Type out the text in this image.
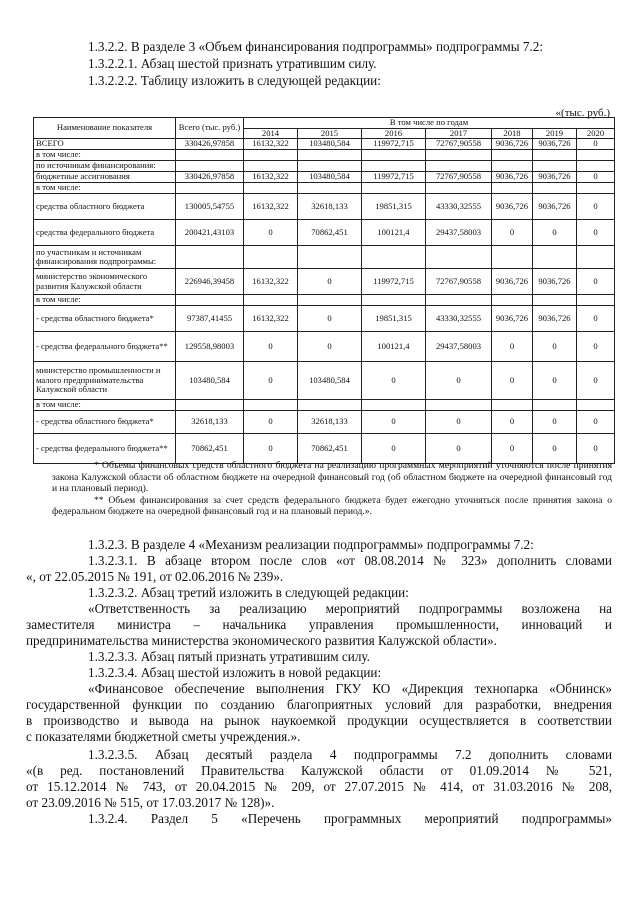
1.3.2.2. В разделе 3 «Объем финансирования подпрограммы» подпрограммы 7.2:
1.3.2.2.1. Абзац шестой признать утратившим силу.
1.3.2.2.2. Таблицу изложить в следующей редакции:
«(тыс. руб.)
Наименование показателя	Всего (тыс. руб.)	В том числе по годам						
		2014	2015	2016	2017	2018	2019	2020
ВСЕГО	330426,97858	16132,322	103480,584	119972,715	72767,90558	9036,726	9036,726	0
в том числе:								
по источникам финансирования:								
бюджетные ассигнования	330426,97858	16132,322	103480,584	119972,715	72767,90558	9036,726	9036,726	0
в том числе:								
средства областного бюджета	130005,54755	16132,322	32618,133	19851,315	43330,32555	9036,726	9036,726	0
средства федерального бюджета	200421,43103	0	70862,451	100121,4	29437,58003	0	0	0
по участникам и источникам финансирования подпрограммы:								
министерство экономического развития Калужской области	226946,39458	16132,322	0	119972,715	72767,90558	9036,726	9036,726	0
в том числе:								
- средства областного бюджета*	97387,41455	16132,322	0	19851,315	43330,32555	9036,726	9036,726	0
- средства федерального бюджета**	129558,98003	0	0	100121,4	29437,58003	0	0	0
министерство промышленности и малого предпринимательства Калужской области	103480,584	0	103480,584	0	0	0	0	0
в том числе:								
- средства областного бюджета*	32618,133	0	32618,133	0	0	0	0	0
- средства федерального бюджета**	70862,451	0	70862,451	0	0	0	0	0

* Объемы финансовых средств областного бюджета на реализацию программных мероприятий уточняются после принятия закона Калужской области об областном бюджете на очередной финансовый год (об областном бюджете на очередной финансовый год и на плановый период).

** Объем финансирования за счет средств федерального бюджета будет ежегодно уточняться после принятия закона о федеральном бюджете на очередной финансовый год и на плановый период.».

1.3.2.3. В разделе 4 «Механизм реализации подпрограммы» подпрограммы 7.2:
1.3.2.3.1. В абзаце втором после слов «от 08.08.2014 № 323» дополнить словами
«, от 22.05.2015 № 191, от 02.06.2016 № 239».
1.3.2.3.2. Абзац третий изложить в следующей редакции:
«Ответственность за реализацию мероприятий подпрограммы возложена на
заместителя министра – начальника управления промышленности, инноваций и
предпринимательства министерства экономического развития Калужской области».
1.3.2.3.3. Абзац пятый признать утратившим силу.
1.3.2.3.4. Абзац шестой изложить в новой редакции:
«Финансовое обеспечение выполнения ГКУ КО «Дирекция технопарка «Обнинск»
государственной функции по созданию благоприятных условий для разработки, внедрения
в производство и вывода на рынок наукоемкой продукции осуществляется в соответствии
с показателями бюджетной сметы учреждения.».
1.3.2.3.5. Абзац десятый раздела 4 подпрограммы 7.2 дополнить словами
«(в ред. постановлений Правительства Калужской области от 01.09.2014 № 521,
от 15.12.2014 № 743, от 20.04.2015 № 209, от 27.07.2015 № 414, от 31.03.2016 № 208,
от 23.09.2016 № 515, от 17.03.2017 № 128)».
1.3.2.4. Раздел 5 «Перечень программных мероприятий подпрограммы»
